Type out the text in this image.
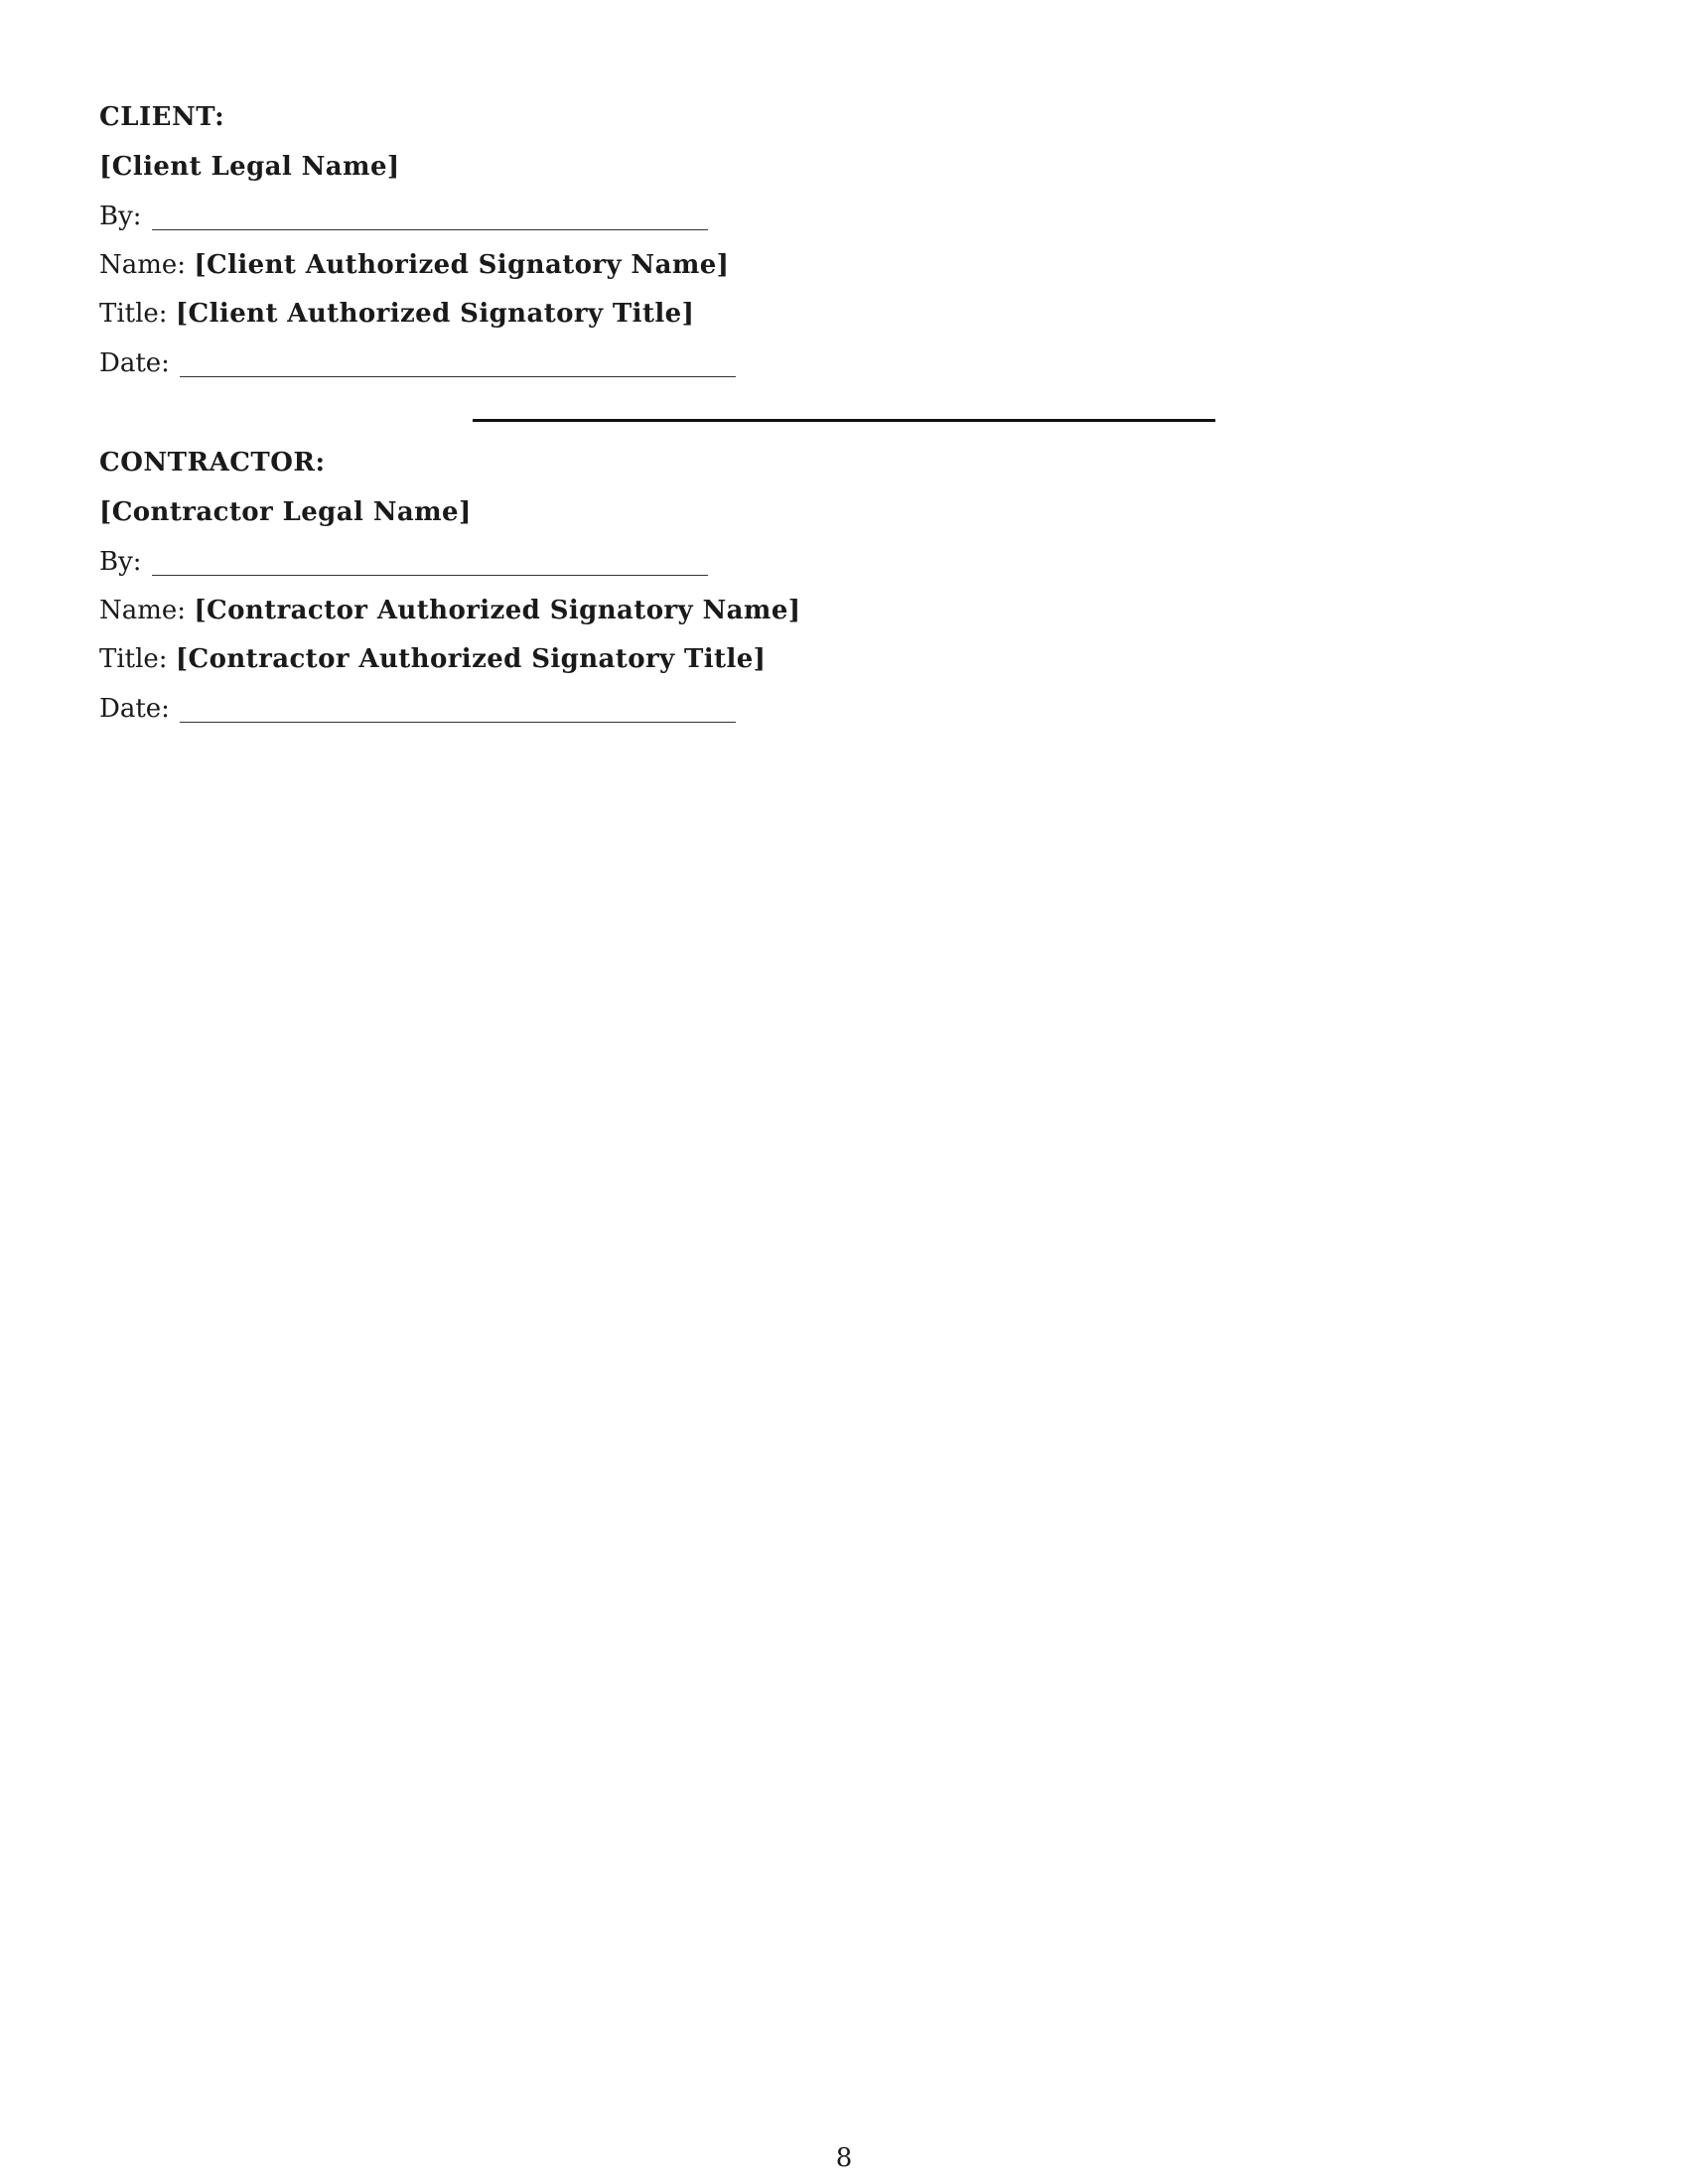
CLIENT:
[Client Legal Name]
By:
Name: [Client Authorized Signatory Name]
Title: [Client Authorized Signatory Title]
Date:
CONTRACTOR:
[Contractor Legal Name]
By:
Name: [Contractor Authorized Signatory Name]
Title: [Contractor Authorized Signatory Title]
Date:
8
